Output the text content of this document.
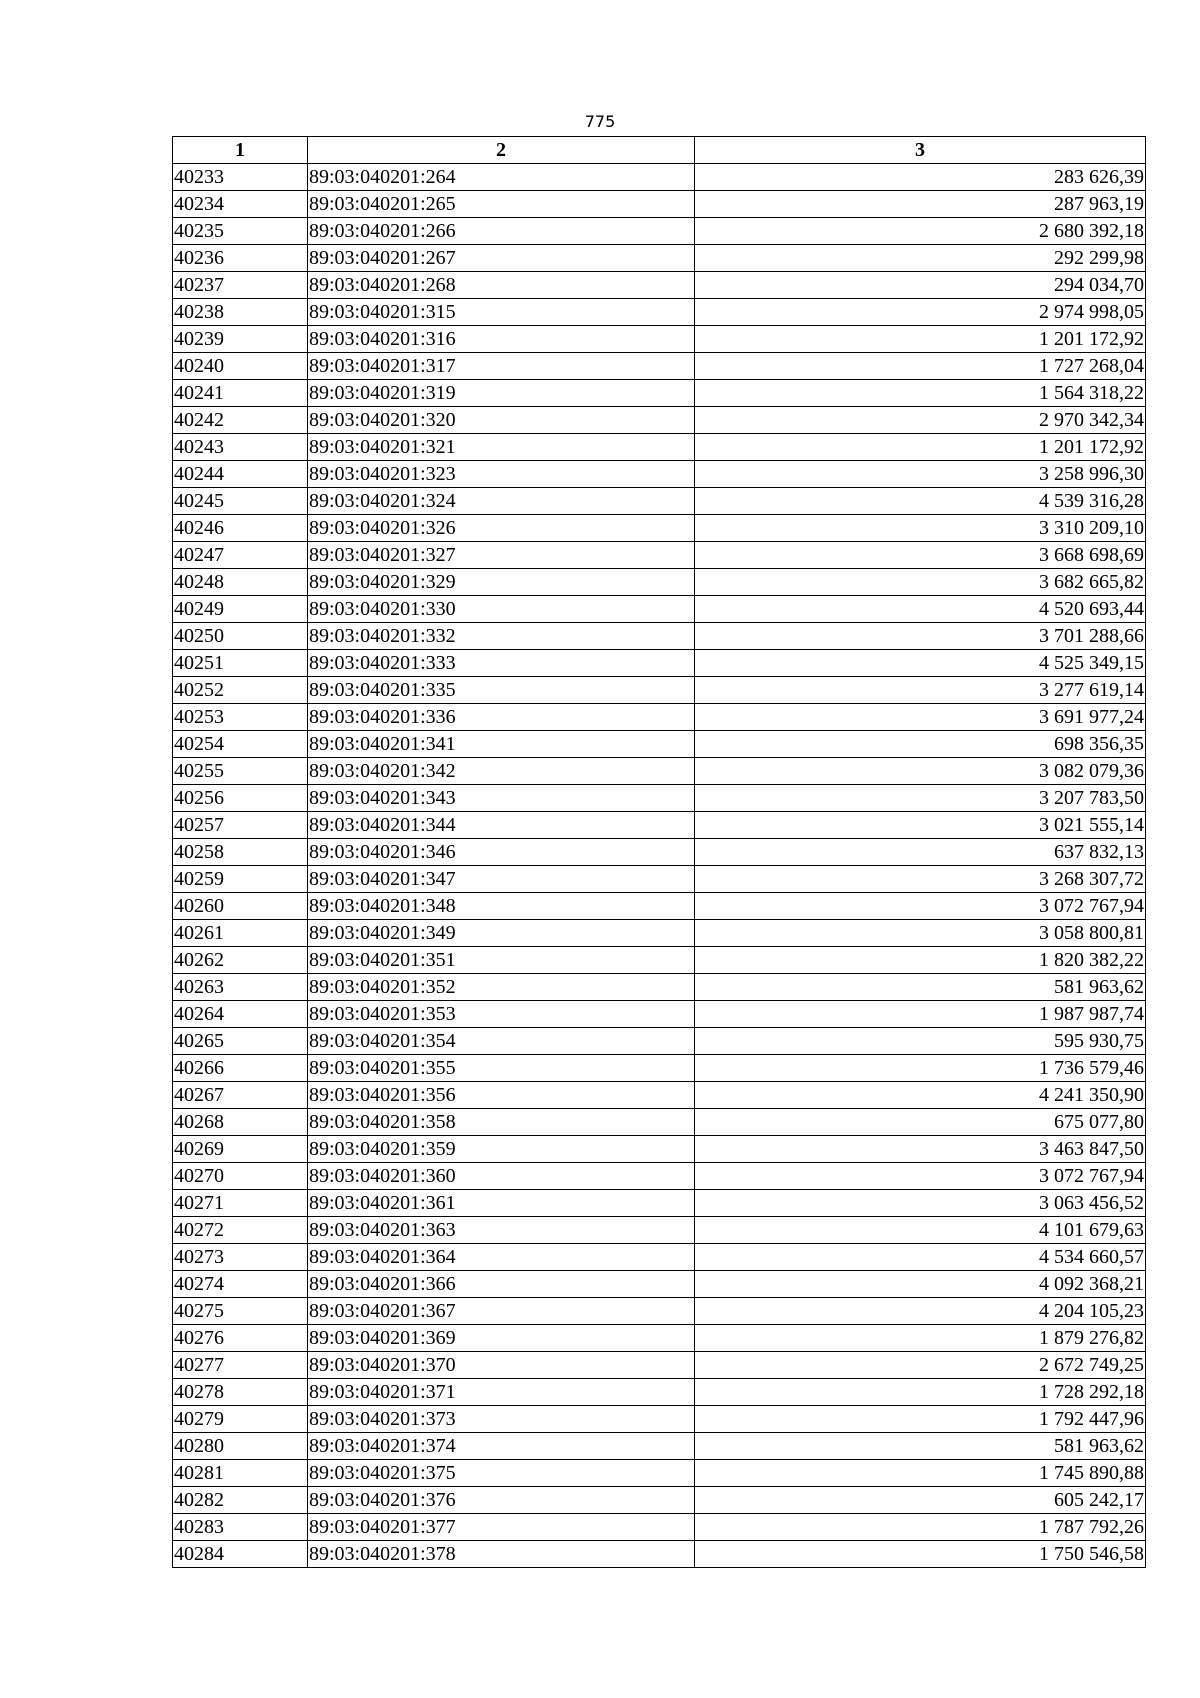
775
1	2	3
40233	89:03:040201:264	283 626,39
40234	89:03:040201:265	287 963,19
40235	89:03:040201:266	2 680 392,18
40236	89:03:040201:267	292 299,98
40237	89:03:040201:268	294 034,70
40238	89:03:040201:315	2 974 998,05
40239	89:03:040201:316	1 201 172,92
40240	89:03:040201:317	1 727 268,04
40241	89:03:040201:319	1 564 318,22
40242	89:03:040201:320	2 970 342,34
40243	89:03:040201:321	1 201 172,92
40244	89:03:040201:323	3 258 996,30
40245	89:03:040201:324	4 539 316,28
40246	89:03:040201:326	3 310 209,10
40247	89:03:040201:327	3 668 698,69
40248	89:03:040201:329	3 682 665,82
40249	89:03:040201:330	4 520 693,44
40250	89:03:040201:332	3 701 288,66
40251	89:03:040201:333	4 525 349,15
40252	89:03:040201:335	3 277 619,14
40253	89:03:040201:336	3 691 977,24
40254	89:03:040201:341	698 356,35
40255	89:03:040201:342	3 082 079,36
40256	89:03:040201:343	3 207 783,50
40257	89:03:040201:344	3 021 555,14
40258	89:03:040201:346	637 832,13
40259	89:03:040201:347	3 268 307,72
40260	89:03:040201:348	3 072 767,94
40261	89:03:040201:349	3 058 800,81
40262	89:03:040201:351	1 820 382,22
40263	89:03:040201:352	581 963,62
40264	89:03:040201:353	1 987 987,74
40265	89:03:040201:354	595 930,75
40266	89:03:040201:355	1 736 579,46
40267	89:03:040201:356	4 241 350,90
40268	89:03:040201:358	675 077,80
40269	89:03:040201:359	3 463 847,50
40270	89:03:040201:360	3 072 767,94
40271	89:03:040201:361	3 063 456,52
40272	89:03:040201:363	4 101 679,63
40273	89:03:040201:364	4 534 660,57
40274	89:03:040201:366	4 092 368,21
40275	89:03:040201:367	4 204 105,23
40276	89:03:040201:369	1 879 276,82
40277	89:03:040201:370	2 672 749,25
40278	89:03:040201:371	1 728 292,18
40279	89:03:040201:373	1 792 447,96
40280	89:03:040201:374	581 963,62
40281	89:03:040201:375	1 745 890,88
40282	89:03:040201:376	605 242,17
40283	89:03:040201:377	1 787 792,26
40284	89:03:040201:378	1 750 546,58
